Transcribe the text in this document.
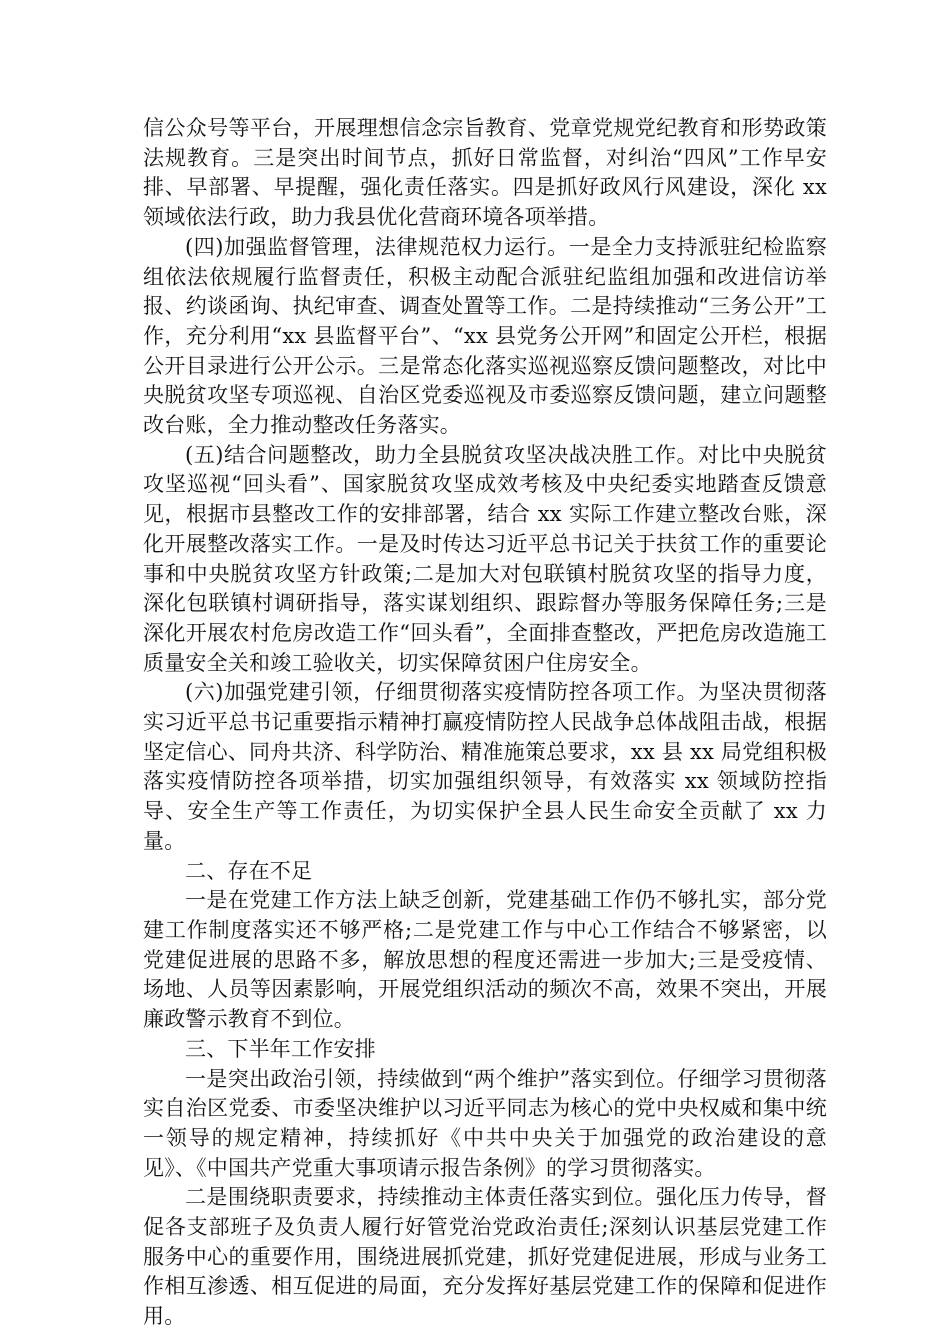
信公众号等平台，开展理想信念宗旨教育、党章党规党纪教育和形势政策法规教育。三是突出时间节点，抓好日常监督，对纠治“四风”工作早安排、早部署、早提醒，强化责任落实。四是抓好政风行风建设，深化 xx 领域依法行政，助力我县优化营商环境各项举措。

(四)加强监督管理，法律规范权力运行。一是全力支持派驻纪检监察组依法依规履行监督责任，积极主动配合派驻纪监组加强和改进信访举报、约谈函询、执纪审查、调查处置等工作。二是持续推动“三务公开”工作，充分利用“xx 县监督平台”、“xx 县党务公开网”和固定公开栏，根据公开目录进行公开公示。三是常态化落实巡视巡察反馈问题整改，对比中央脱贫攻坚专项巡视、自治区党委巡视及市委巡察反馈问题，建立问题整改台账，全力推动整改任务落实。

(五)结合问题整改，助力全县脱贫攻坚决战决胜工作。对比中央脱贫攻坚巡视“回头看”、国家脱贫攻坚成效考核及中央纪委实地踏查反馈意见，根据市县整改工作的安排部署，结合 xx 实际工作建立整改台账，深化开展整改落实工作。一是及时传达习近平总书记关于扶贫工作的重要论事和中央脱贫攻坚方针政策;二是加大对包联镇村脱贫攻坚的指导力度，深化包联镇村调研指导，落实谋划组织、跟踪督办等服务保障任务;三是深化开展农村危房改造工作“回头看”，全面排查整改，严把危房改造施工质量安全关和竣工验收关，切实保障贫困户住房安全。

(六)加强党建引领，仔细贯彻落实疫情防控各项工作。为坚决贯彻落实习近平总书记重要指示精神打赢疫情防控人民战争总体战阻击战，根据坚定信心、同舟共济、科学防治、精准施策总要求，xx 县 xx 局党组积极落实疫情防控各项举措，切实加强组织领导，有效落实 xx 领域防控指导、安全生产等工作责任，为切实保护全县人民生命安全贡献了 xx 力量。

二、存在不足

一是在党建工作方法上缺乏创新，党建基础工作仍不够扎实，部分党建工作制度落实还不够严格;二是党建工作与中心工作结合不够紧密，以党建促进展的思路不多，解放思想的程度还需进一步加大;三是受疫情、场地、人员等因素影响，开展党组织活动的频次不高，效果不突出，开展廉政警示教育不到位。

三、下半年工作安排

一是突出政治引领，持续做到“两个维护”落实到位。仔细学习贯彻落实自治区党委、市委坚决维护以习近平同志为核心的党中央权威和集中统一领导的规定精神，持续抓好《中共中央关于加强党的政治建设的意见》、《中国共产党重大事项请示报告条例》的学习贯彻落实。

二是围绕职责要求，持续推动主体责任落实到位。强化压力传导，督促各支部班子及负责人履行好管党治党政治责任;深刻认识基层党建工作服务中心的重要作用，围绕进展抓党建，抓好党建促进展，形成与业务工作相互渗透、相互促进的局面，充分发挥好基层党建工作的保障和促进作用。
